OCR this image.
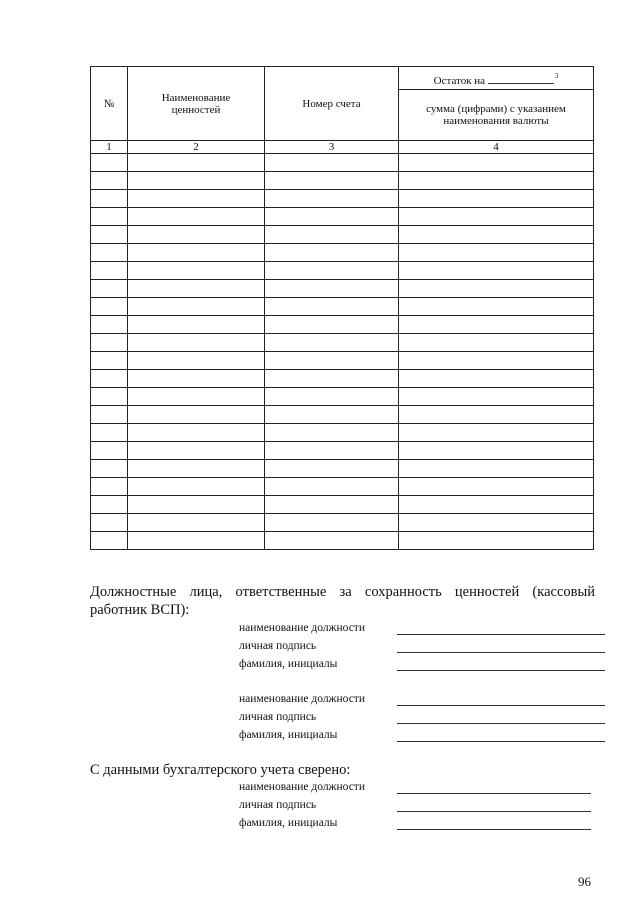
№	Наименование ценностей	Номер счета	Остаток на $^3$
			сумма (цифрами) с указанием наименования валюты
1	2	3	4

Должностные лица, ответственные за сохранность ценностей (кассовый работник ВСП):
наименование должности
личная подпись
фамилия, инициалы
наименование должности
личная подпись
фамилия, инициалы
С данными бухгалтерского учета сверено:
наименование должности
личная подпись
фамилия, инициалы
96
